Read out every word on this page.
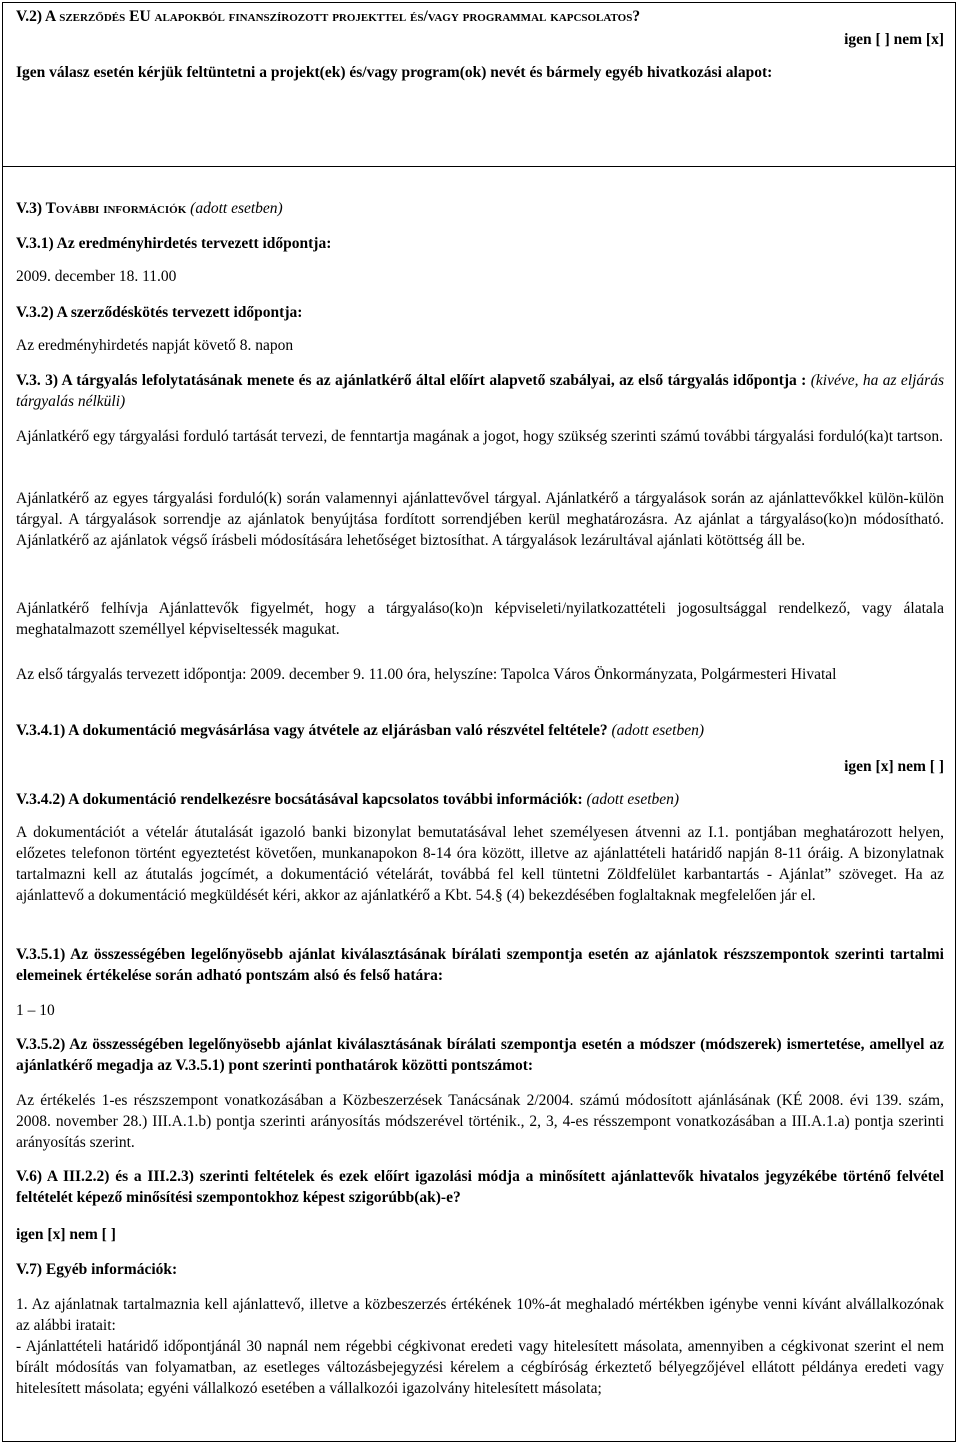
V.2) A szerződés EU alapokból finanszírozott projekttel és/vagy programmal kapcsolatos?

igen [ ] nem [x]

Igen válasz esetén kérjük feltüntetni a projekt(ek) és/vagy program(ok) nevét és bármely egyéb hivatkozási alapot:

V.3) További információk (adott esetben)

V.3.1) Az eredményhirdetés tervezett időpontja:

2009. december 18. 11.00

V.3.2) A szerződéskötés tervezett időpontja:

Az eredményhirdetés napját követő 8. napon

V.3. 3) A tárgyalás lefolytatásának menete és az ajánlatkérő által előírt alapvető szabályai, az első tárgyalás időpontja : (kivéve, ha az eljárás tárgyalás nélküli)

Ajánlatkérő egy tárgyalási forduló tartását tervezi, de fenntartja magának a jogot, hogy szükség szerinti számú további tárgyalási forduló(ka)t tartson.

Ajánlatkérő az egyes tárgyalási forduló(k) során valamennyi ajánlattevővel tárgyal. Ajánlatkérő a tárgyalások során az ajánlattevőkkel külön-külön tárgyal. A tárgyalások sorrendje az ajánlatok benyújtása fordított sorrendjében kerül meghatározásra. Az ajánlat a tárgyaláso(ko)n módosítható. Ajánlatkérő az ajánlatok végső írásbeli módosítására lehetőséget biztosíthat. A tárgyalások lezárultával ajánlati kötöttség áll be.

Ajánlatkérő felhívja Ajánlattevők figyelmét, hogy a tárgyaláso(ko)n képviseleti/nyilatkozattételi jogosultsággal rendelkező, vagy álatala meghatalmazott személlyel képviseltessék magukat.

Az első tárgyalás tervezett időpontja: 2009. december 9. 11.00 óra, helyszíne: Tapolca Város Önkormányzata, Polgármesteri Hivatal

V.3.4.1) A dokumentáció megvásárlása vagy átvétele az eljárásban való részvétel feltétele? (adott esetben)

igen [x] nem [ ]

V.3.4.2) A dokumentáció rendelkezésre bocsátásával kapcsolatos további információk: (adott esetben)

A dokumentációt a vételár átutalását igazoló banki bizonylat bemutatásával lehet személyesen átvenni az I.1. pontjában meghatározott helyen, előzetes telefonon történt egyeztetést követően, munkanapokon 8-14 óra között, illetve az ajánlattételi határidő napján 8-11 óráig. A bizonylatnak tartalmazni kell az átutalás jogcímét, a dokumentáció vételárát, továbbá fel kell tüntetni Zöldfelület karbantartás - Ajánlat” szöveget. Ha az ajánlattevő a dokumentáció megküldését kéri, akkor az ajánlatkérő a Kbt. 54.§ (4) bekezdésében foglaltaknak megfelelően jár el.

V.3.5.1) Az összességében legelőnyösebb ajánlat kiválasztásának bírálati szempontja esetén az ajánlatok részszempontok szerinti tartalmi elemeinek értékelése során adható pontszám alsó és felső határa:

1 – 10

V.3.5.2) Az összességében legelőnyösebb ajánlat kiválasztásának bírálati szempontja esetén a módszer (módszerek) ismertetése, amellyel az ajánlatkérő megadja az V.3.5.1) pont szerinti ponthatárok közötti pontszámot:

Az értékelés 1-es részszempont vonatkozásában a Közbeszerzések Tanácsának 2/2004. számú módosított ajánlásának (KÉ 2008. évi 139. szám, 2008. november 28.) III.A.1.b) pontja szerinti arányosítás módszerével történik., 2, 3, 4-es résszempont vonatkozásában a III.A.1.a) pontja szerinti arányosítás szerint.

V.6) A III.2.2) és a III.2.3) szerinti feltételek és ezek előírt igazolási módja a minősített ajánlattevők hivatalos jegyzékébe történő felvétel feltételét képező minősítési szempontokhoz képest szigorúbb(ak)-e?

igen [x] nem [ ]

V.7) Egyéb információk:

1. Az ajánlatnak tartalmaznia kell ajánlattevő, illetve a közbeszerzés értékének 10%-át meghaladó mértékben igénybe venni kívánt alvállalkozónak az alábbi iratait:

- Ajánlattételi határidő időpontjánál 30 napnál nem régebbi cégkivonat eredeti vagy hitelesített másolata, amennyiben a cégkivonat szerint el nem bírált módosítás van folyamatban, az esetleges változásbejegyzési kérelem a cégbíróság érkeztető bélyegzőjével ellátott példánya eredeti vagy hitelesített másolata; egyéni vállalkozó esetében a vállalkozói igazolvány hitelesített másolata;
